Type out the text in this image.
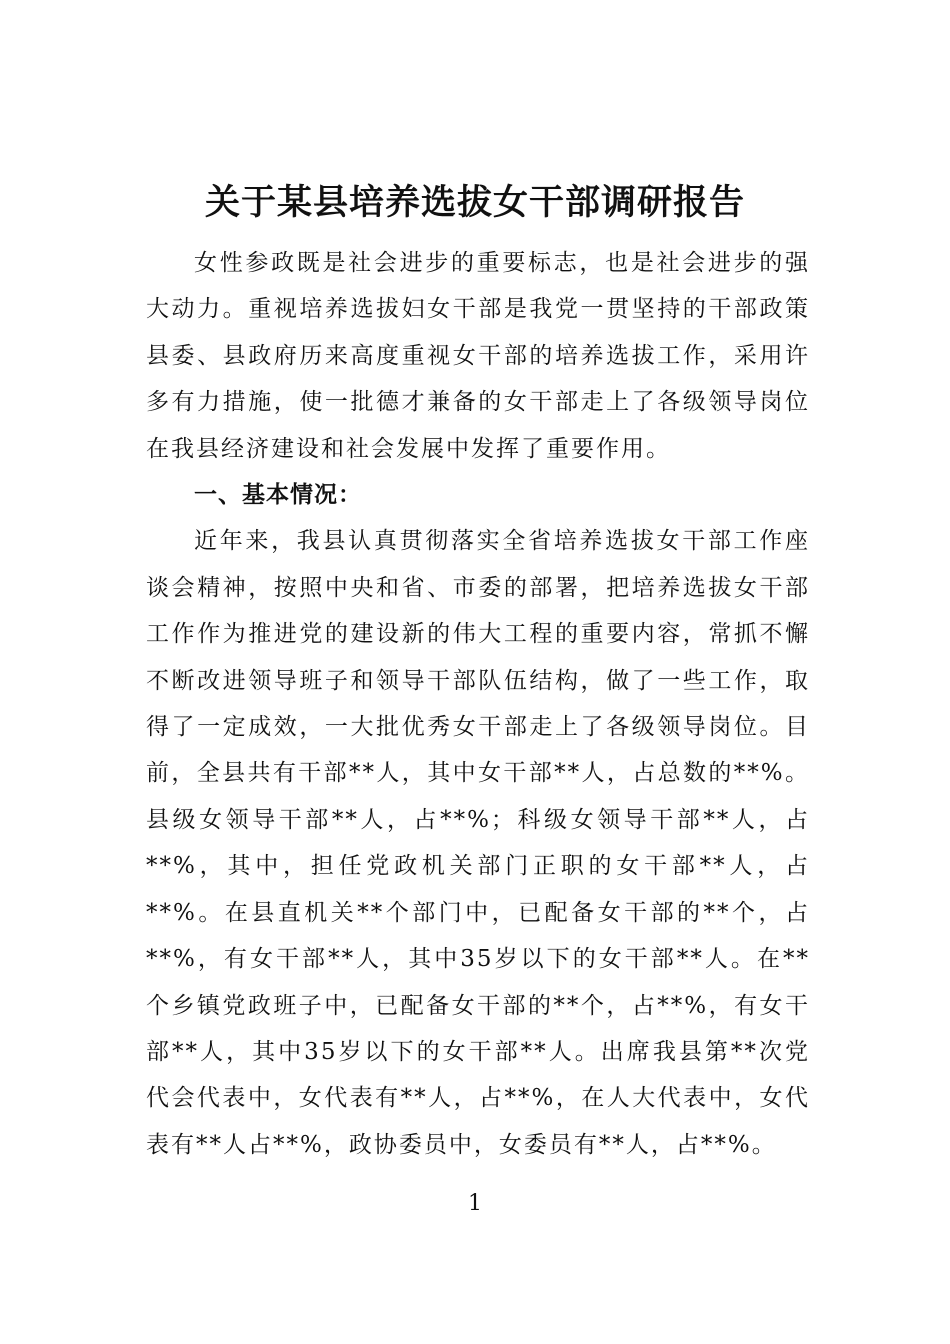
关于某县培养选拔女干部调研报告

女性参政既是社会进步的重要标志，也是社会进步的强大动力。重视培养选拔妇女干部是我党一贯坚持的干部政策县委、县政府历来高度重视女干部的培养选拔工作，采用许多有力措施，使一批德才兼备的女干部走上了各级领导岗位在我县经济建设和社会发展中发挥了重要作用。

一、基本情况：

近年来，我县认真贯彻落实全省培养选拔女干部工作座谈会精神，按照中央和省、市委的部署，把培养选拔女干部工作作为推进党的建设新的伟大工程的重要内容，常抓不懈不断改进领导班子和领导干部队伍结构，做了一些工作，取得了一定成效，一大批优秀女干部走上了各级领导岗位。目前，全县共有干部**人，其中女干部**人，占总数的**%。县级女领导干部**人，占**%；科级女领导干部**人，占**%，其中，担任党政机关部门正职的女干部**人，占**%。在县直机关**个部门中，已配备女干部的**个，占**%，有女干部**人，其中35岁以下的女干部**人。在**个乡镇党政班子中，已配备女干部的**个，占**%，有女干部**人，其中35岁以下的女干部**人。出席我县第**次党代会代表中，女代表有**人，占**%，在人大代表中，女代表有**人占**%，政协委员中，女委员有**人，占**%。

1
